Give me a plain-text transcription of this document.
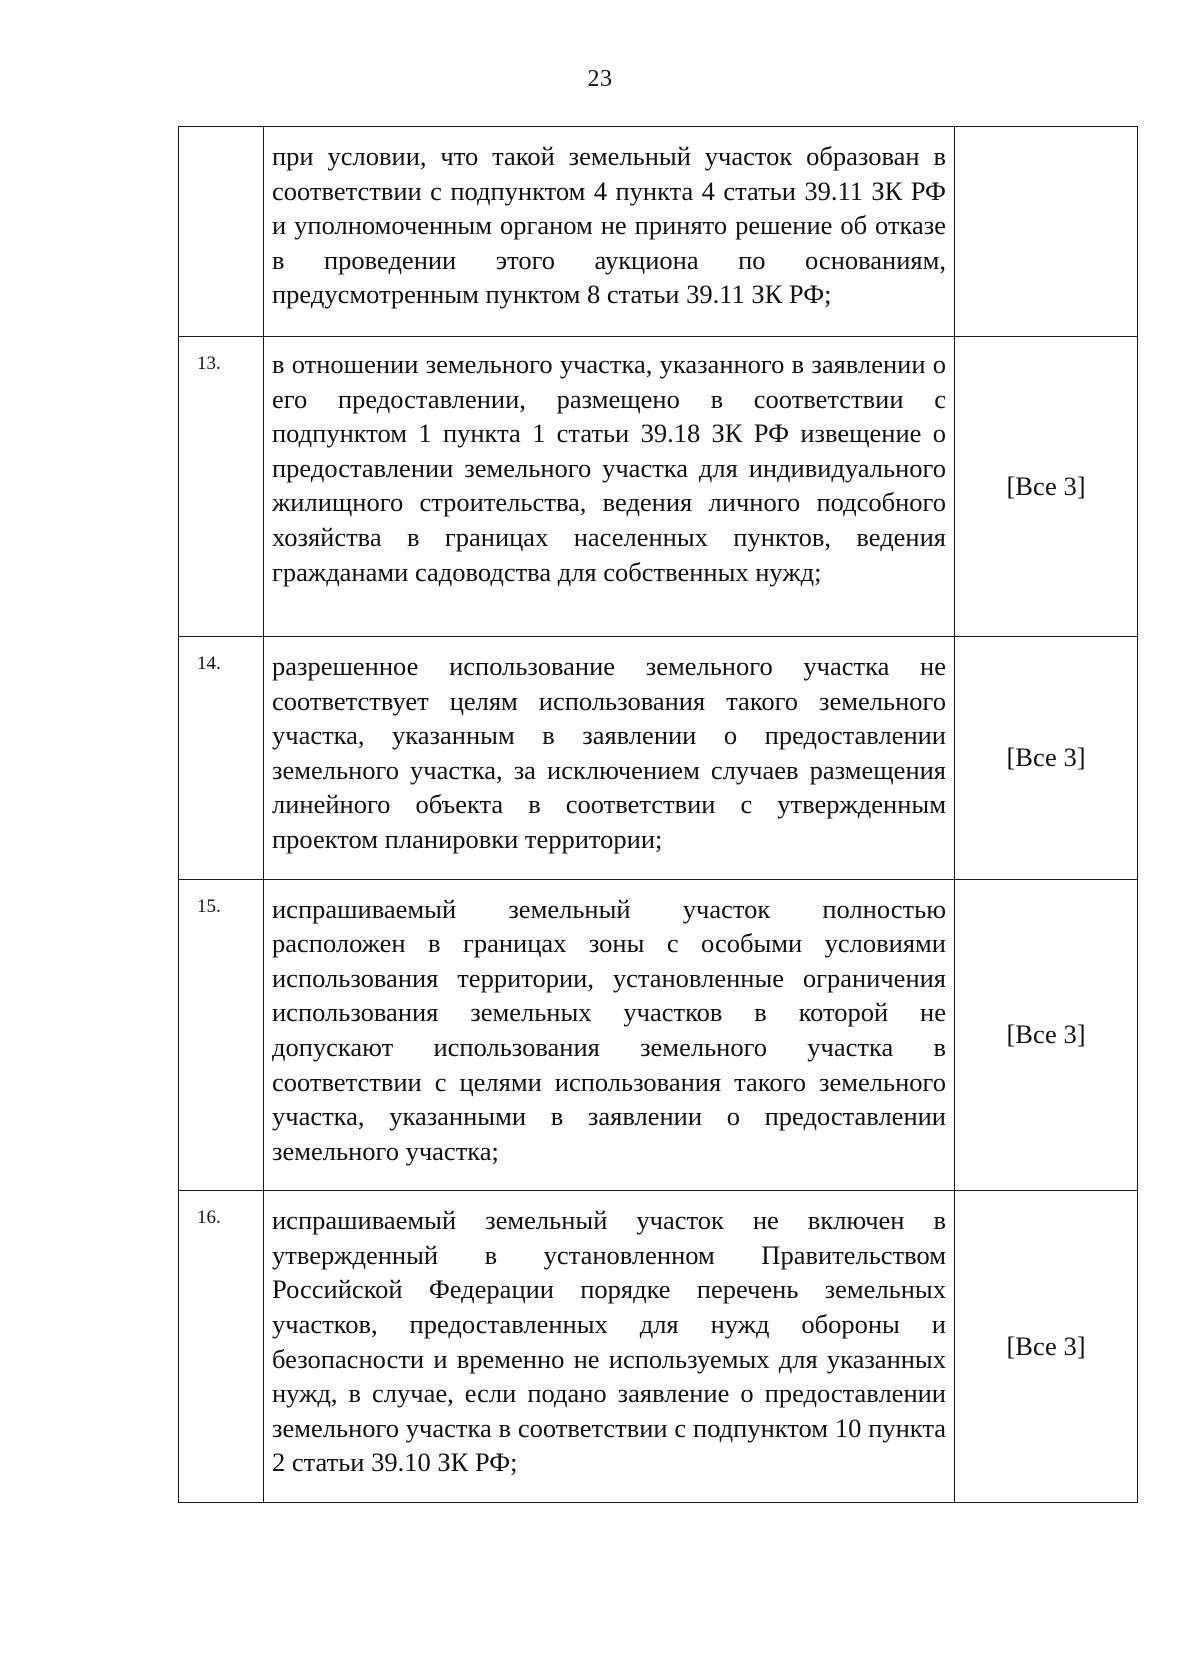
23

	при условии, что такой земельный участок образован в соответствии с подпунктом 4 пункта 4 статьи 39.11 ЗК РФ и уполномоченным органом не принято решение об отказе в проведении этого аукциона по основаниям, предусмотренным пунктом 8 статьи 39.11 ЗК РФ;	

13.	в отношении земельного участка, указанного в заявлении о его предоставлении, размещено в соответствии с подпунктом 1 пункта 1 статьи 39.18 ЗК РФ извещение о предоставлении земельного участка для индивидуального жилищного строительства, ведения личного подсобного хозяйства в границах населенных пунктов, ведения гражданами садоводства для собственных нужд;	[Все 3]
14.	разрешенное использование земельного участка не соответствует целям использования такого земельного участка, указанным в заявлении о предоставлении земельного участка, за исключением случаев размещения линейного объекта в соответствии с утвержденным проектом планировки территории;	[Все 3]
15.	испрашиваемый земельный участок полностью расположен в границах зоны с особыми условиями использования территории, установленные ограничения использования земельных участков в которой не допускают использования земельного участка в соответствии с целями использования такого земельного участка, указанными в заявлении о предоставлении земельного участка;	[Все 3]
16.	испрашиваемый земельный участок не включен в утвержденный в установленном Правительством Российской Федерации порядке перечень земельных участков, предоставленных для нужд обороны и безопасности и временно не используемых для указанных нужд, в случае, если подано заявление о предоставлении земельного участка в соответствии с подпунктом 10 пункта 2 статьи 39.10 ЗК РФ;	[Все 3]
